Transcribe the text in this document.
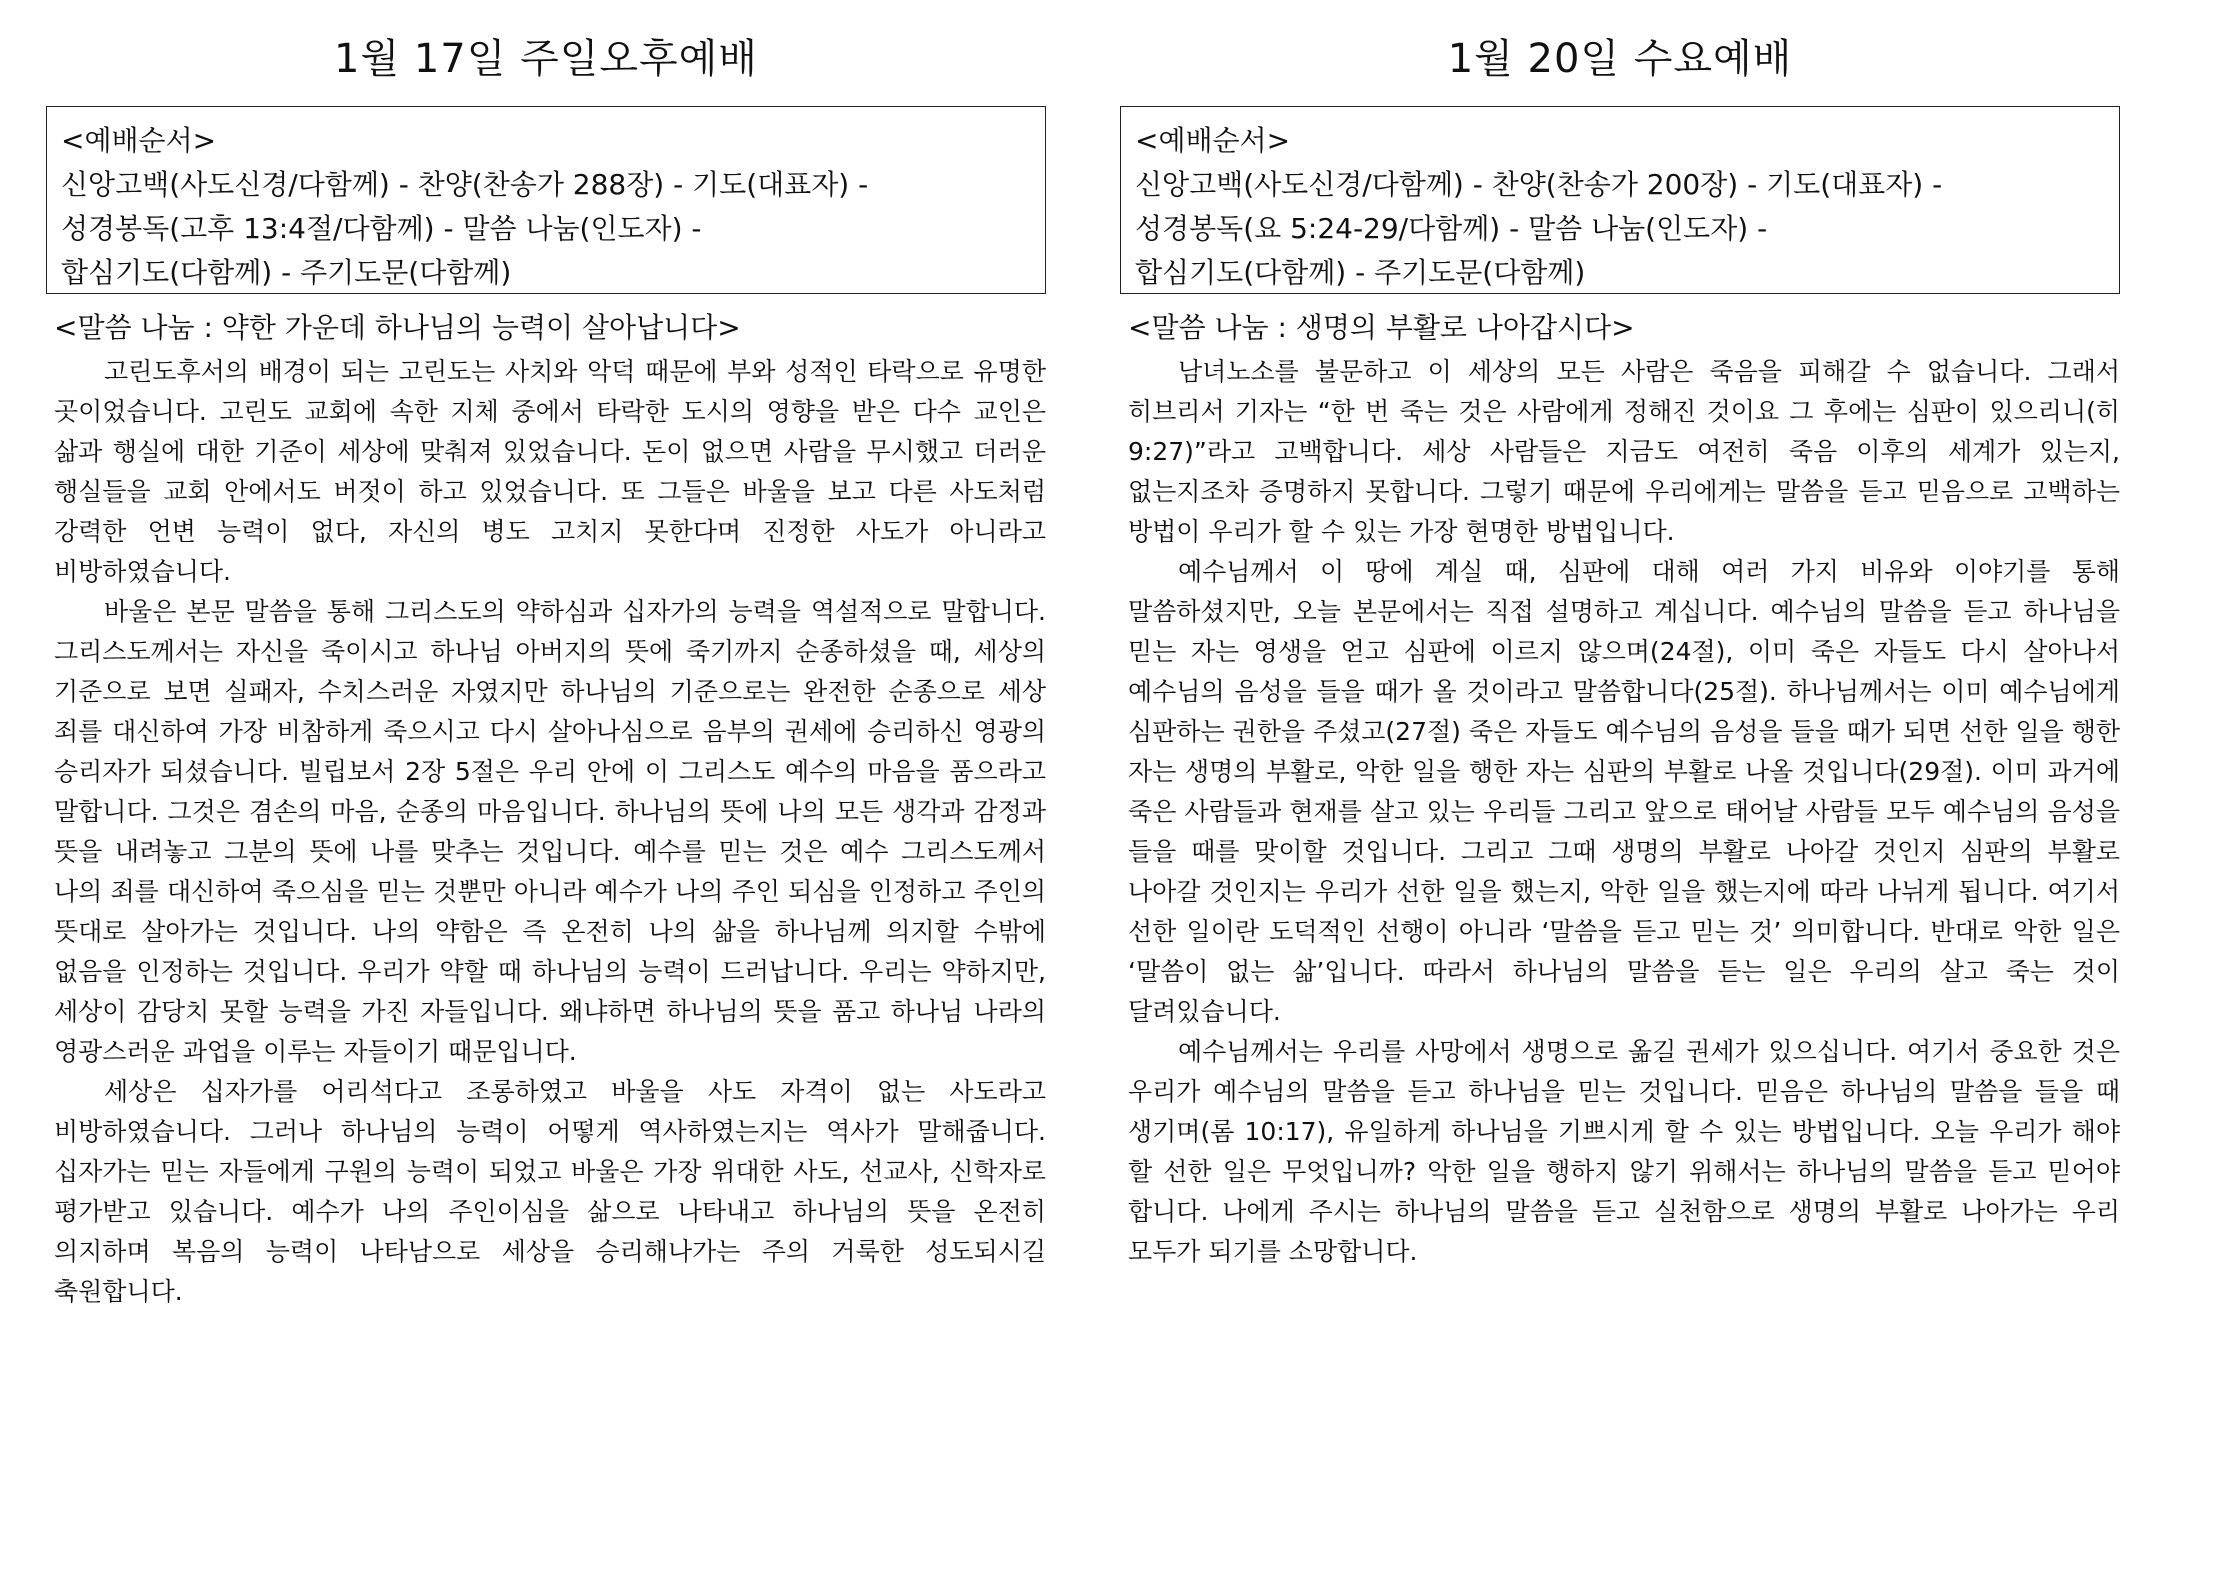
1월 17일 주일오후예배
<예배순서>
신앙고백(사도신경/다함께) - 찬양(찬송가 288장) - 기도(대표자) -
성경봉독(고후 13:4절/다함께) - 말씀 나눔(인도자) -
합심기도(다함께) - 주기도문(다함께)
<말씀 나눔 : 약한 가운데 하나님의 능력이 살아납니다>

고린도후서의 배경이 되는 고린도는 사치와 악덕 때문에 부와 성적인 타락으로 유명한 곳이었습니다. 고린도 교회에 속한 지체 중에서 타락한 도시의 영향을 받은 다수 교인은 삶과 행실에 대한 기준이 세상에 맞춰져 있었습니다. 돈이 없으면 사람을 무시했고 더러운 행실들을 교회 안에서도 버젓이 하고 있었습니다. 또 그들은 바울을 보고 다른 사도처럼 강력한 언변 능력이 없다, 자신의 병도 고치지 못한다며 진정한 사도가 아니라고 비방하였습니다.

바울은 본문 말씀을 통해 그리스도의 약하심과 십자가의 능력을 역설적으로 말합니다. 그리스도께서는 자신을 죽이시고 하나님 아버지의 뜻에 죽기까지 순종하셨을 때, 세상의 기준으로 보면 실패자, 수치스러운 자였지만 하나님의 기준으로는 완전한 순종으로 세상 죄를 대신하여 가장 비참하게 죽으시고 다시 살아나심으로 음부의 권세에 승리하신 영광의 승리자가 되셨습니다. 빌립보서 2장 5절은 우리 안에 이 그리스도 예수의 마음을 품으라고 말합니다. 그것은 겸손의 마음, 순종의 마음입니다. 하나님의 뜻에 나의 모든 생각과 감정과 뜻을 내려놓고 그분의 뜻에 나를 맞추는 것입니다. 예수를 믿는 것은 예수 그리스도께서 나의 죄를 대신하여 죽으심을 믿는 것뿐만 아니라 예수가 나의 주인 되심을 인정하고 주인의 뜻대로 살아가는 것입니다. 나의 약함은 즉 온전히 나의 삶을 하나님께 의지할 수밖에 없음을 인정하는 것입니다. 우리가 약할 때 하나님의 능력이 드러납니다. 우리는 약하지만, 세상이 감당치 못할 능력을 가진 자들입니다. 왜냐하면 하나님의 뜻을 품고 하나님 나라의 영광스러운 과업을 이루는 자들이기 때문입니다.

세상은 십자가를 어리석다고 조롱하였고 바울을 사도 자격이 없는 사도라고 비방하였습니다. 그러나 하나님의 능력이 어떻게 역사하였는지는 역사가 말해줍니다. 십자가는 믿는 자들에게 구원의 능력이 되었고 바울은 가장 위대한 사도, 선교사, 신학자로 평가받고 있습니다. 예수가 나의 주인이심을 삶으로 나타내고 하나님의 뜻을 온전히 의지하며 복음의 능력이 나타남으로 세상을 승리해나가는 주의 거룩한 성도되시길 축원합니다.

1월 20일 수요예배
<예배순서>
신앙고백(사도신경/다함께) - 찬양(찬송가 200장) - 기도(대표자) -
성경봉독(요 5:24-29/다함께) - 말씀 나눔(인도자) -
합심기도(다함께) - 주기도문(다함께)
<말씀 나눔 : 생명의 부활로 나아갑시다>

남녀노소를 불문하고 이 세상의 모든 사람은 죽음을 피해갈 수 없습니다. 그래서 히브리서 기자는 “한 번 죽는 것은 사람에게 정해진 것이요 그 후에는 심판이 있으리니(히 9:27)”라고 고백합니다. 세상 사람들은 지금도 여전히 죽음 이후의 세계가 있는지, 없는지조차 증명하지 못합니다. 그렇기 때문에 우리에게는 말씀을 듣고 믿음으로 고백하는 방법이 우리가 할 수 있는 가장 현명한 방법입니다.

예수님께서 이 땅에 계실 때, 심판에 대해 여러 가지 비유와 이야기를 통해 말씀하셨지만, 오늘 본문에서는 직접 설명하고 계십니다. 예수님의 말씀을 듣고 하나님을 믿는 자는 영생을 얻고 심판에 이르지 않으며(24절), 이미 죽은 자들도 다시 살아나서 예수님의 음성을 들을 때가 올 것이라고 말씀합니다(25절). 하나님께서는 이미 예수님에게 심판하는 권한을 주셨고(27절) 죽은 자들도 예수님의 음성을 들을 때가 되면 선한 일을 행한 자는 생명의 부활로, 악한 일을 행한 자는 심판의 부활로 나올 것입니다(29절). 이미 과거에 죽은 사람들과 현재를 살고 있는 우리들 그리고 앞으로 태어날 사람들 모두 예수님의 음성을 들을 때를 맞이할 것입니다. 그리고 그때 생명의 부활로 나아갈 것인지 심판의 부활로 나아갈 것인지는 우리가 선한 일을 했는지, 악한 일을 했는지에 따라 나뉘게 됩니다. 여기서 선한 일이란 도덕적인 선행이 아니라 ‘말씀을 듣고 믿는 것’ 의미합니다. 반대로 악한 일은 ‘말씀이 없는 삶’입니다. 따라서 하나님의 말씀을 듣는 일은 우리의 살고 죽는 것이 달려있습니다.

예수님께서는 우리를 사망에서 생명으로 옮길 권세가 있으십니다. 여기서 중요한 것은 우리가 예수님의 말씀을 듣고 하나님을 믿는 것입니다. 믿음은 하나님의 말씀을 들을 때 생기며(롬 10:17), 유일하게 하나님을 기쁘시게 할 수 있는 방법입니다. 오늘 우리가 해야 할 선한 일은 무엇입니까? 악한 일을 행하지 않기 위해서는 하나님의 말씀을 듣고 믿어야 합니다. 나에게 주시는 하나님의 말씀을 듣고 실천함으로 생명의 부활로 나아가는 우리 모두가 되기를 소망합니다.
